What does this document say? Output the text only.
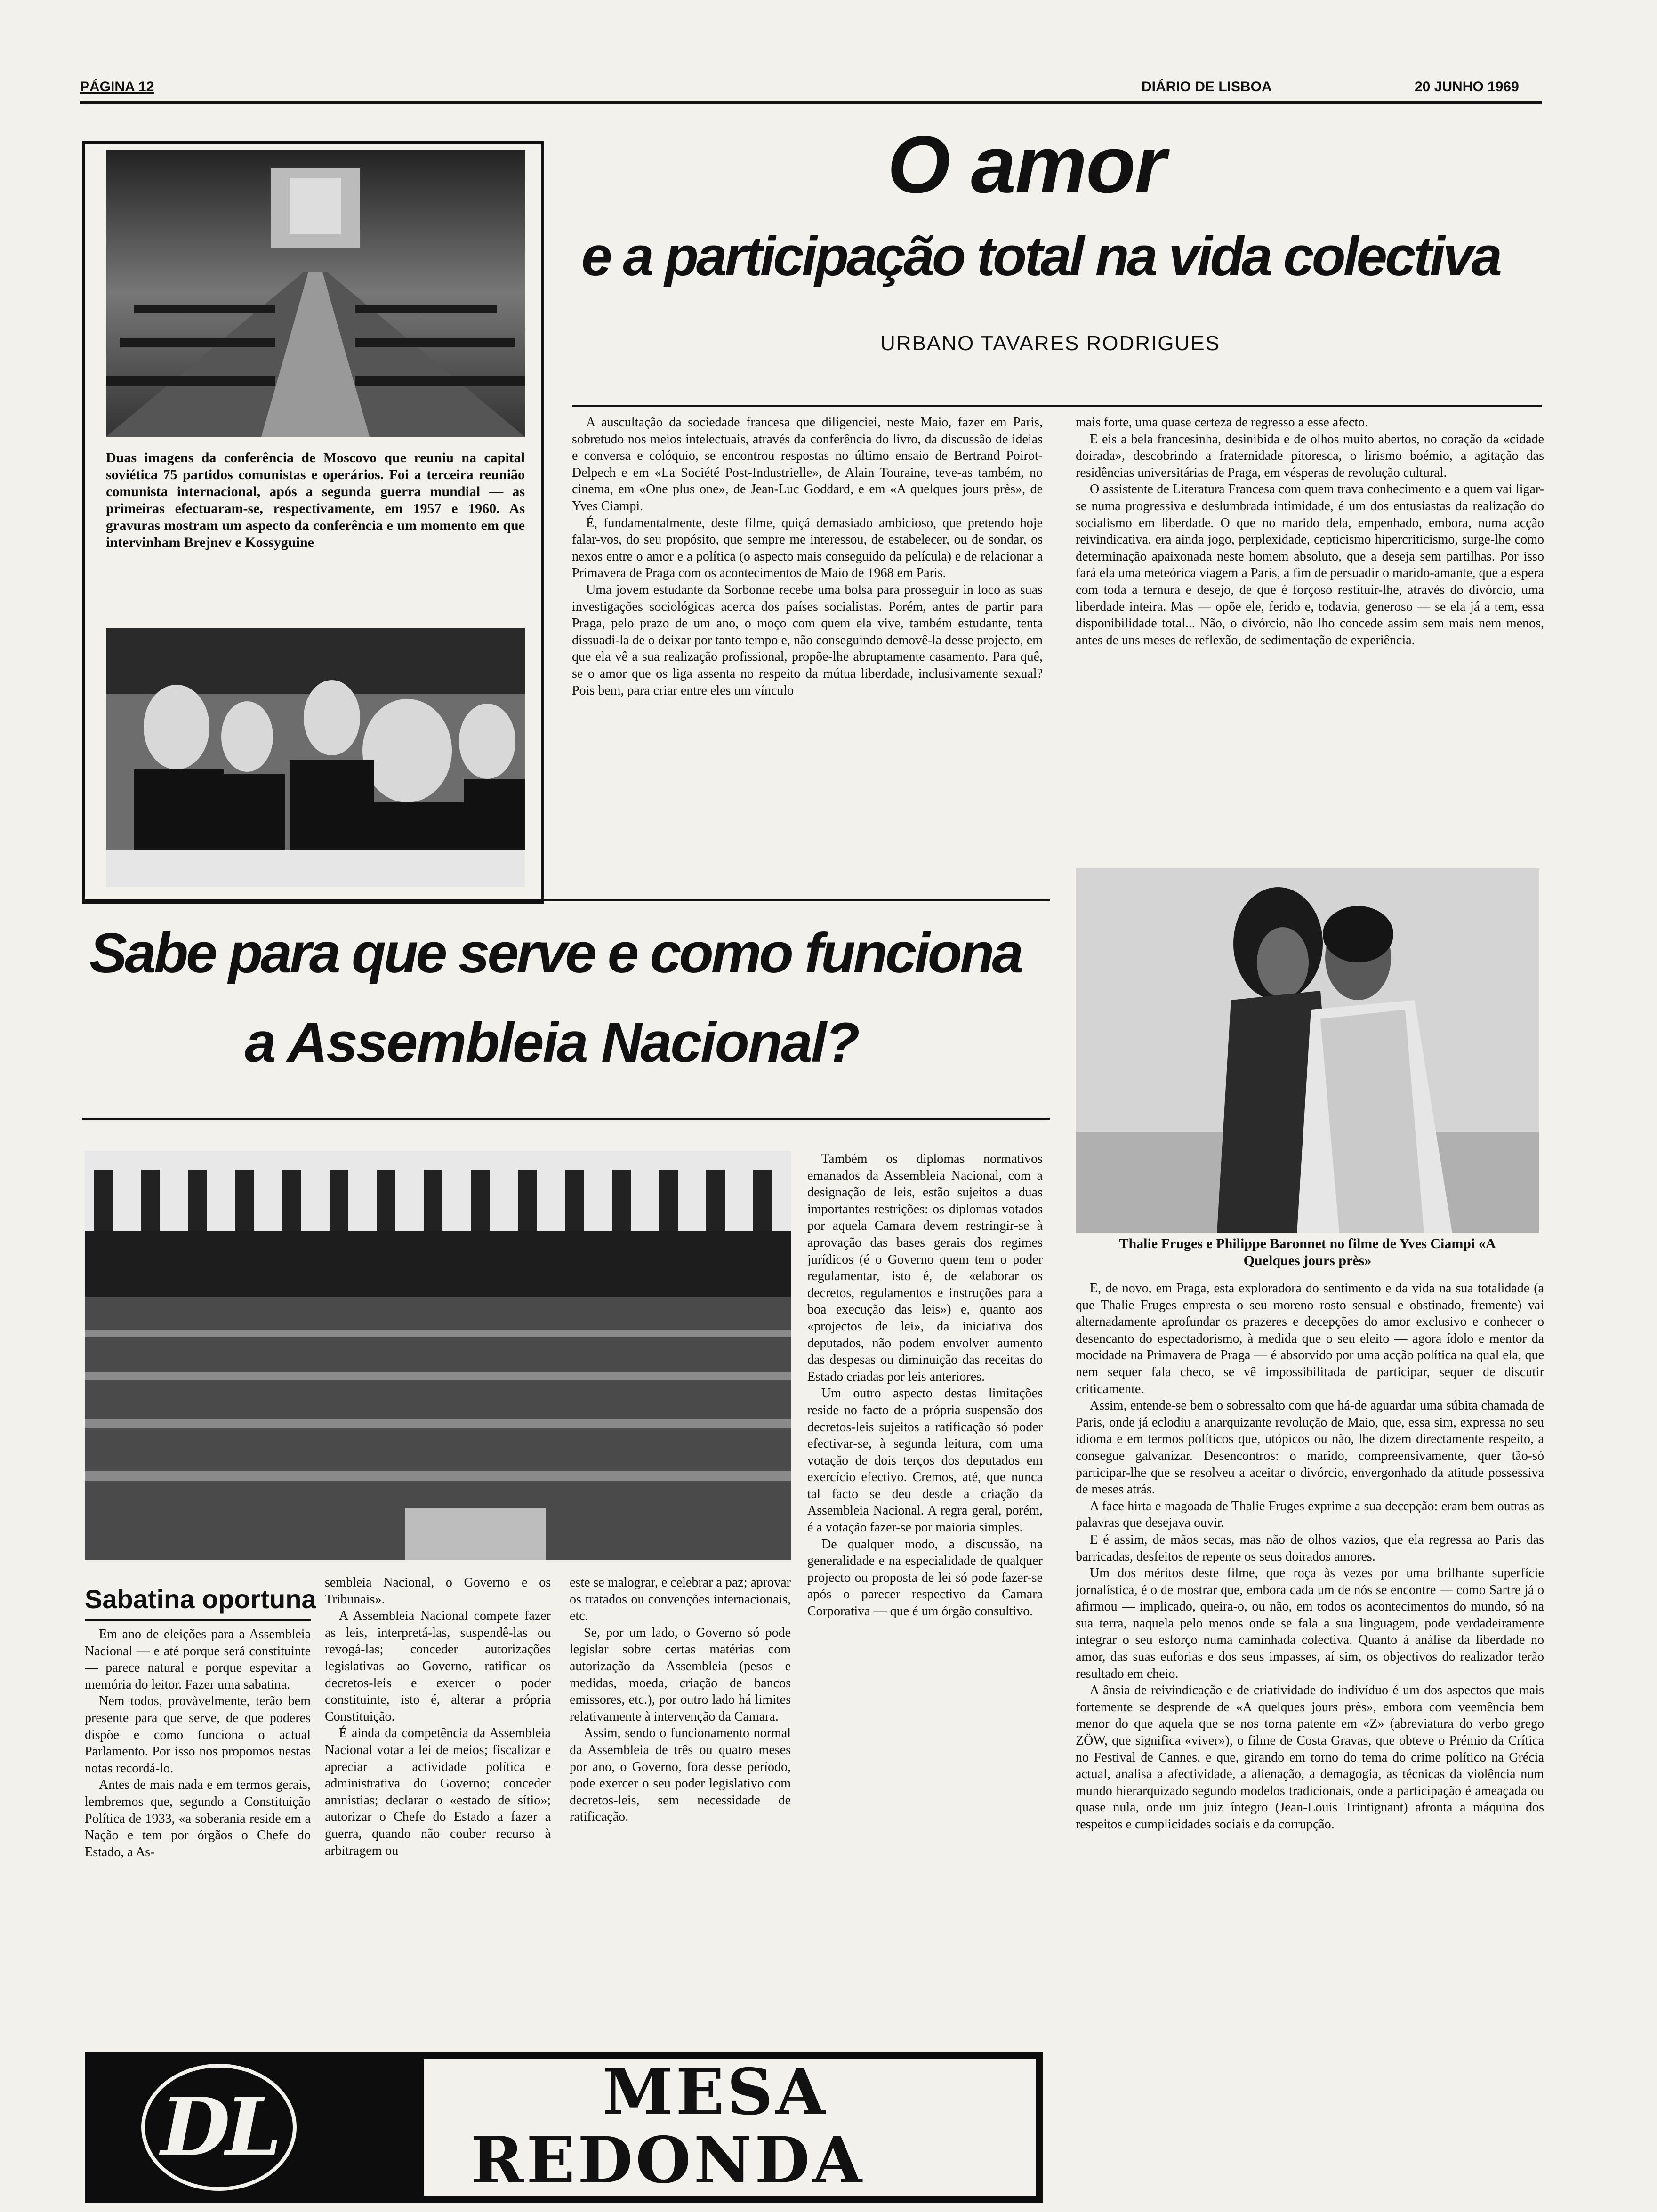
PÁGINA 12	DIÁRIO DE LISBOA	20 JUNHO 1969
Duas imagens da conferência de Moscovo que reuniu na capital soviética 75 partidos comunistas e operários. Foi a terceira reunião comunista internacional, após a segunda guerra mundial — as primeiras efectuaram-se, respectivamente, em 1957 e 1960. As gravuras mostram um aspecto da conferência e um momento em que intervinham Brejnev e Kossyguine
O amor
e a participação total na vida colectiva
URBANO TAVARES RODRIGUES

A auscultação da sociedade francesa que diligenciei, neste Maio, fazer em Paris, sobretudo nos meios intelectuais, através da conferência do livro, da discussão de ideias e conversa e colóquio, se encontrou respostas no último ensaio de Bertrand Poirot-Delpech e em «La Société Post-Industrielle», de Alain Touraine, teve-as também, no cinema, em «One plus one», de Jean-Luc Goddard, e em «A quelques jours près», de Yves Ciampi.

É, fundamentalmente, deste filme, quiçá demasiado ambicioso, que pretendo hoje falar-vos, do seu propósito, que sempre me interessou, de estabelecer, ou de sondar, os nexos entre o amor e a política (o aspecto mais conseguido da película) e de relacionar a Primavera de Praga com os acontecimentos de Maio de 1968 em Paris.

Uma jovem estudante da Sorbonne recebe uma bolsa para prosseguir in loco as suas investigações sociológicas acerca dos países socialistas. Porém, antes de partir para Praga, pelo prazo de um ano, o moço com quem ela vive, também estudante, tenta dissuadi-la de o deixar por tanto tempo e, não conseguindo demovê-la desse projecto, em que ela vê a sua realização profissional, propõe-lhe abruptamente casamento. Para quê, se o amor que os liga assenta no respeito da mútua liberdade, inclusivamente sexual? Pois bem, para criar entre eles um vínculo

mais forte, uma quase certeza de regresso a esse afecto.

E eis a bela francesinha, desinibida e de olhos muito abertos, no coração da «cidade doirada», descobrindo a fraternidade pitoresca, o lirismo boémio, a agitação das residências universitárias de Praga, em vésperas de revolução cultural.

O assistente de Literatura Francesa com quem trava conhecimento e a quem vai ligar-se numa progressiva e deslumbrada intimidade, é um dos entusiastas da realização do socialismo em liberdade. O que no marido dela, empenhado, embora, numa acção reivindicativa, era ainda jogo, perplexidade, cepticismo hipercriticismo, surge-lhe como determinação apaixonada neste homem absoluto, que a deseja sem partilhas. Por isso fará ela uma meteórica viagem a Paris, a fim de persuadir o marido-amante, que a espera com toda a ternura e desejo, de que é forçoso restituir-lhe, através do divórcio, uma liberdade inteira. Mas — opõe ele, ferido e, todavia, generoso — se ela já a tem, essa disponibilidade total... Não, o divórcio, não lho concede assim sem mais nem menos, antes de uns meses de reflexão, de sedimentação de experiência.

Thalie Fruges e Philippe Baronnet no filme de Yves Ciampi «A Quelques jours près»

E, de novo, em Praga, esta exploradora do sentimento e da vida na sua totalidade (a que Thalie Fruges empresta o seu moreno rosto sensual e obstinado, fremente) vai alternadamente aprofundar os prazeres e decepções do amor exclusivo e conhecer o desencanto do espectadorismo, à medida que o seu eleito — agora ídolo e mentor da mocidade na Primavera de Praga — é absorvido por uma acção política na qual ela, que nem sequer fala checo, se vê impossibilitada de participar, sequer de discutir criticamente.

Assim, entende-se bem o sobressalto com que há-de aguardar uma súbita chamada de Paris, onde já eclodiu a anarquizante revolução de Maio, que, essa sim, expressa no seu idioma e em termos políticos que, utópicos ou não, lhe dizem directamente respeito, a consegue galvanizar. Desencontros: o marido, compreensivamente, quer tão-só participar-lhe que se resolveu a aceitar o divórcio, envergonhado da atitude possessiva de meses atrás.

A face hirta e magoada de Thalie Fruges exprime a sua decepção: eram bem outras as palavras que desejava ouvir.

E é assim, de mãos secas, mas não de olhos vazios, que ela regressa ao Paris das barricadas, desfeitos de repente os seus doirados amores.

Um dos méritos deste filme, que roça às vezes por uma brilhante superfície jornalística, é o de mostrar que, embora cada um de nós se encontre — como Sartre já o afirmou — implicado, queira-o, ou não, em todos os acontecimentos do mundo, só na sua terra, naquela pelo menos onde se fala a sua linguagem, pode verdadeiramente integrar o seu esforço numa caminhada colectiva. Quanto à análise da liberdade no amor, das suas euforias e dos seus impasses, aí sim, os objectivos do realizador terão resultado em cheio.

A ânsia de reivindicação e de criatividade do indivíduo é um dos aspectos que mais fortemente se desprende de «A quelques jours près», embora com veemência bem menor do que aquela que se nos torna patente em «Z» (abreviatura do verbo grego ZÖW, que significa «viver»), o filme de Costa Gravas, que obteve o Prémio da Crítica no Festival de Cannes, e que, girando em torno do tema do crime político na Grécia actual, analisa a afectividade, a alienação, a demagogia, as técnicas da violência num mundo hierarquizado segundo modelos tradicionais, onde a participação é ameaçada ou quase nula, onde um juiz íntegro (Jean-Louis Trintignant) afronta a máquina dos respeitos e cumplicidades sociais e da corrupção.

Sabe para que serve e como funciona
a Assembleia Nacional?
Sabatina oportuna

Em ano de eleições para a Assembleia Nacional — e até porque será constituinte — parece natural e porque espevitar a memória do leitor. Fazer uma sabatina.

Nem todos, provàvelmente, terão bem presente para que serve, de que poderes dispõe e como funciona o actual Parlamento. Por isso nos propomos nestas notas recordá-lo.

Antes de mais nada e em termos gerais, lembremos que, segundo a Constituição Política de 1933, «a soberania reside em a Nação e tem por órgãos o Chefe do Estado, a As-

sembleia Nacional, o Governo e os Tribunais».

A Assembleia Nacional compete fazer as leis, interpretá-las, suspendê-las ou revogá-las; conceder autorizações legislativas ao Governo, ratificar os decretos-leis e exercer o poder constituinte, isto é, alterar a própria Constituição.

É ainda da competência da Assembleia Nacional votar a lei de meios; fiscalizar e apreciar a actividade política e administrativa do Governo; conceder amnistias; declarar o «estado de sítio»; autorizar o Chefe do Estado a fazer a guerra, quando não couber recurso à arbitragem ou

este se malograr, e celebrar a paz; aprovar os tratados ou convenções internacionais, etc.

Se, por um lado, o Governo só pode legislar sobre certas matérias com autorização da Assembleia (pesos e medidas, moeda, criação de bancos emissores, etc.), por outro lado há limites relativamente à intervenção da Camara.

Assim, sendo o funcionamento normal da Assembleia de três ou quatro meses por ano, o Governo, fora desse período, pode exercer o seu poder legislativo com decretos-leis, sem necessidade de ratificação.

Também os diplomas normativos emanados da Assembleia Nacional, com a designação de leis, estão sujeitos a duas importantes restrições: os diplomas votados por aquela Camara devem restringir-se à aprovação das bases gerais dos regimes jurídicos (é o Governo quem tem o poder regulamentar, isto é, de «elaborar os decretos, regulamentos e instruções para a boa execução das leis») e, quanto aos «projectos de lei», da iniciativa dos deputados, não podem envolver aumento das despesas ou diminuição das receitas do Estado criadas por leis anteriores.

Um outro aspecto destas limitações reside no facto de a própria suspensão dos decretos-leis sujeitos a ratificação só poder efectivar-se, à segunda leitura, com uma votação de dois terços dos deputados em exercício efectivo. Cremos, até, que nunca tal facto se deu desde a criação da Assembleia Nacional. A regra geral, porém, é a votação fazer-se por maioria simples.

De qualquer modo, a discussão, na generalidade e na especialidade de qualquer projecto ou proposta de lei só pode fazer-se após o parecer respectivo da Camara Corporativa — que é um órgão consultivo.

DL	MESA
REDONDA
